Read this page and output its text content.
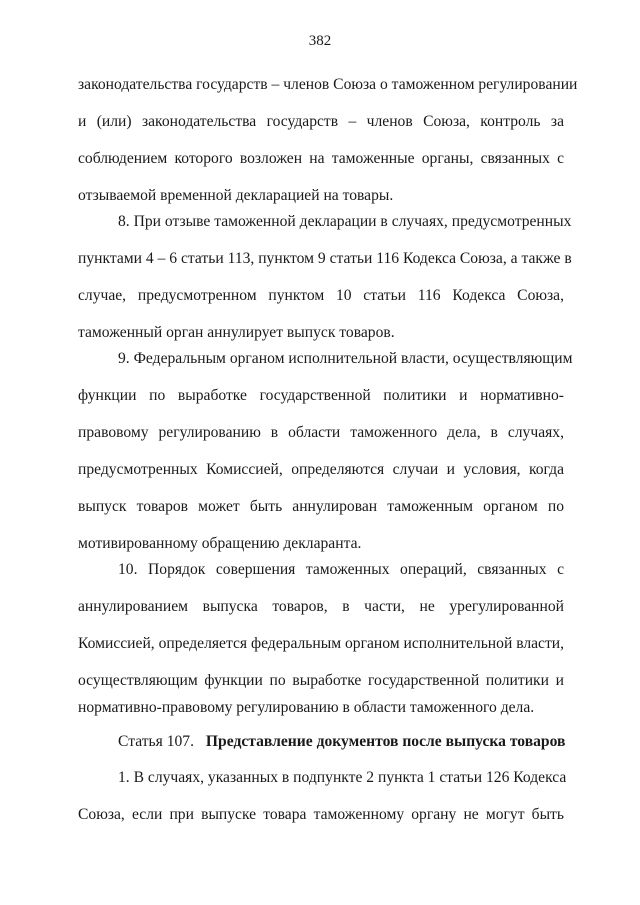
382
законодательства государств – членов Союза о таможенном регулировании
и (или) законодательства государств – членов Союза, контроль за
соблюдением которого возложен на таможенные органы, связанных с
отзываемой временной декларацией на товары.
8. При отзыве таможенной декларации в случаях, предусмотренных
пунктами 4 – 6 статьи 113, пунктом 9 статьи 116 Кодекса Союза, а также в
случае, предусмотренном пунктом 10 статьи 116 Кодекса Союза,
таможенный орган аннулирует выпуск товаров.
9. Федеральным органом исполнительной власти, осуществляющим
функции по выработке государственной политики и нормативно-
правовому регулированию в области таможенного дела, в случаях,
предусмотренных Комиссией, определяются случаи и условия, когда
выпуск товаров может быть аннулирован таможенным органом по
мотивированному обращению декларанта.
10. Порядок совершения таможенных операций, связанных с
аннулированием выпуска товаров, в части, не урегулированной
Комиссией, определяется федеральным органом исполнительной власти,
осуществляющим функции по выработке государственной политики и
нормативно-правовому регулированию в области таможенного дела.
1. В случаях, указанных в подпункте 2 пункта 1 статьи 126 Кодекса
Союза, если при выпуске товара таможенному органу не могут быть
Статья 107. Представление документов после выпуска товаров
